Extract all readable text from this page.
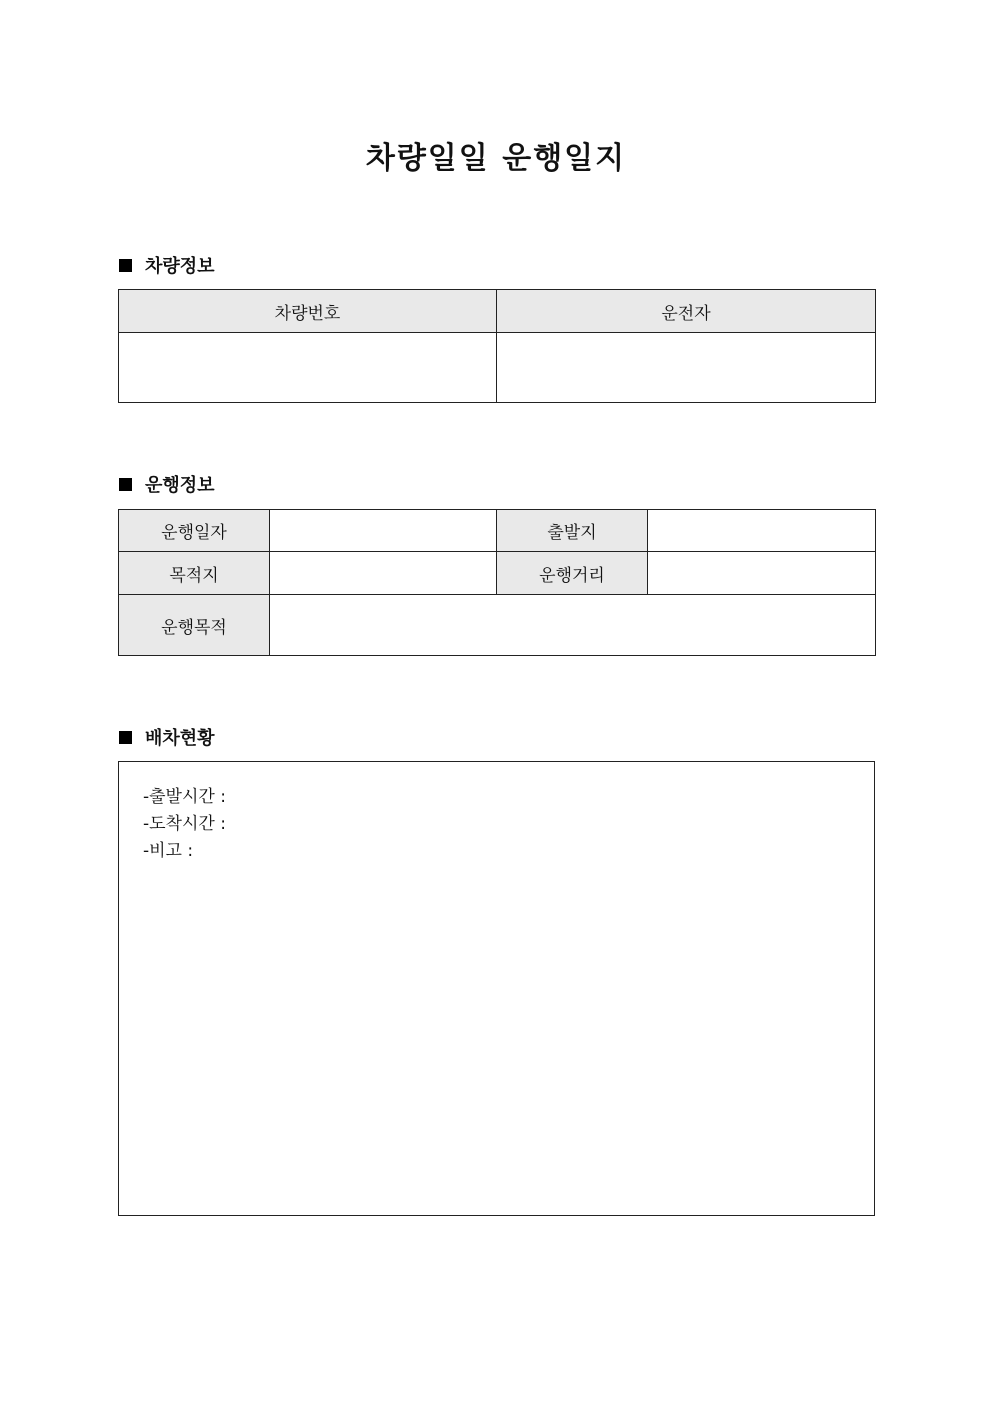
차량일일 운행일지
차량정보
차량번호	운전자

운행정보
운행일자		출발지	
목적지		운행거리	
운행목적			
배차현황
-출발시간 :
-도착시간 :
-비고 :
